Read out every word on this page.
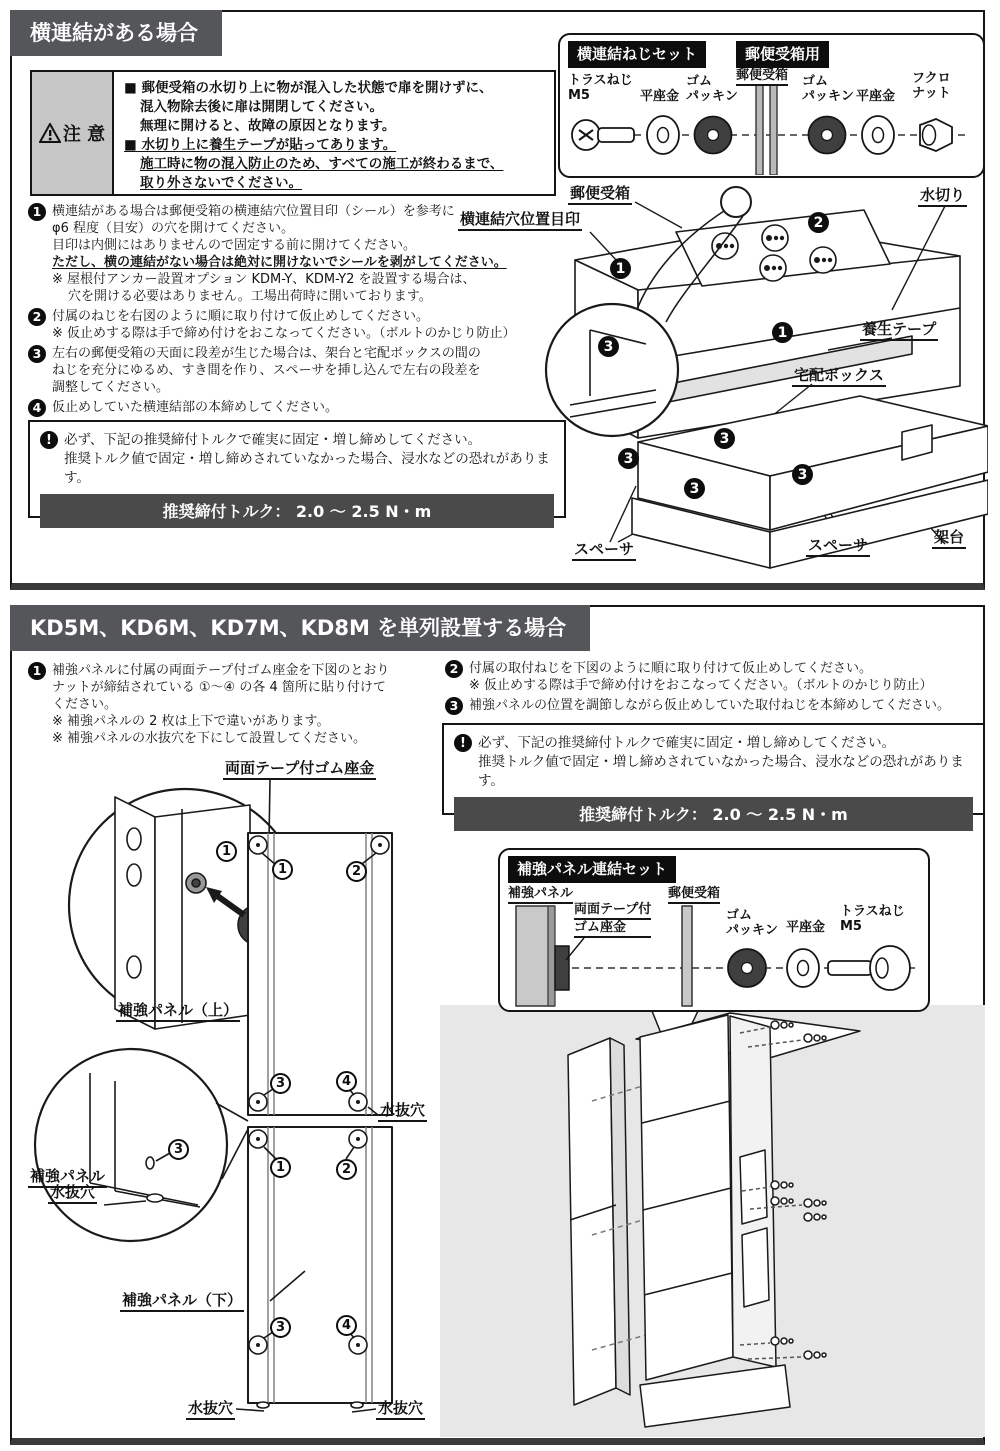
横連結がある場合
注 意
■ 郵便受箱の水切り上に物が混入した状態で扉を開けずに、
混入物除去後に扉は開閉してください。
無理に開けると、故障の原因となります。
■ 水切り上に養生テープが貼ってあります。
施工時に物の混入防止のため、すべての施工が終わるまで、
取り外さないでください。
1 横連結がある場合は郵便受箱の横連結穴位置目印（シール）を参考に
φ6 程度（目安）の穴を開けてください。
目印は内側にはありませんので固定する前に開けてください。
ただし、横の連結がない場合は絶対に開けないでシールを剥がしてください。
※ 屋根付アンカー設置オプション KDM-Y、KDM-Y2 を設置する場合は、
穴を開ける必要はありません。工場出荷時に開いております。
2 付属のねじを右図のように順に取り付けて仮止めしてください。
※ 仮止めする際は手で締め付けをおこなってください。（ボルトのかじり防止）
3 左右の郵便受箱の天面に段差が生じた場合は、架台と宅配ボックスの間の
ねじを充分にゆるめ、すき間を作り、スペーサを挿し込んで左右の段差を
調整してください。
4 仮止めしていた横連結部の本締めしてください。
! 必ず、下記の推奨締付トルクで確実に固定・増し締めしてください。
推奨トルク値で固定・増し締めされていなかった場合、浸水などの恐れがあります。
推奨締付トルク： 2.0 ～ 2.5 N・m
横連結ねじセット	郵便受箱用
トラスねじ
M5	平座金
ゴム
パッキン
郵便受箱 ゴム
パッキン 平座金
フクロ
ナット
郵便受箱
横連結穴位置目印
水切り
養生テープ
宅配ボックス
架台
スペーサ	スペーサ
2
1
1
3
3
3
3
3
KD5M、KD6M、KD7M、KD8M を単列設置する場合
1 補強パネルに付属の両面テープ付ゴム座金を下図のとおり
ナットが締結されている ①～④ の各 4 箇所に貼り付けて
ください。
※ 補強パネルの 2 枚は上下で違いがあります。
※ 補強パネルの水抜穴を下にして設置してください。
2 付属の取付ねじを下図のように順に取り付けて仮止めしてください。
※ 仮止めする際は手で締め付けをおこなってください。（ボルトのかじり防止）
3 補強パネルの位置を調節しながら仮止めしていた取付ねじを本締めしてください。
! 必ず、下記の推奨締付トルクで確実に固定・増し締めしてください。
推奨トルク値で固定・増し締めされていなかった場合、浸水などの恐れがあります。
推奨締付トルク： 2.0 ～ 2.5 N・m
補強パネル連結セット
補強パネル
両面テープ付
ゴム座金
郵便受箱
ゴム
パッキン 平座金
トラスねじ
M5
両面テープ付ゴム座金
補強パネル
補強パネル（上）
水抜穴
水抜穴
補強パネル（下）
水抜穴	水抜穴
1
1	2
3	4
1	2
3
3	4
